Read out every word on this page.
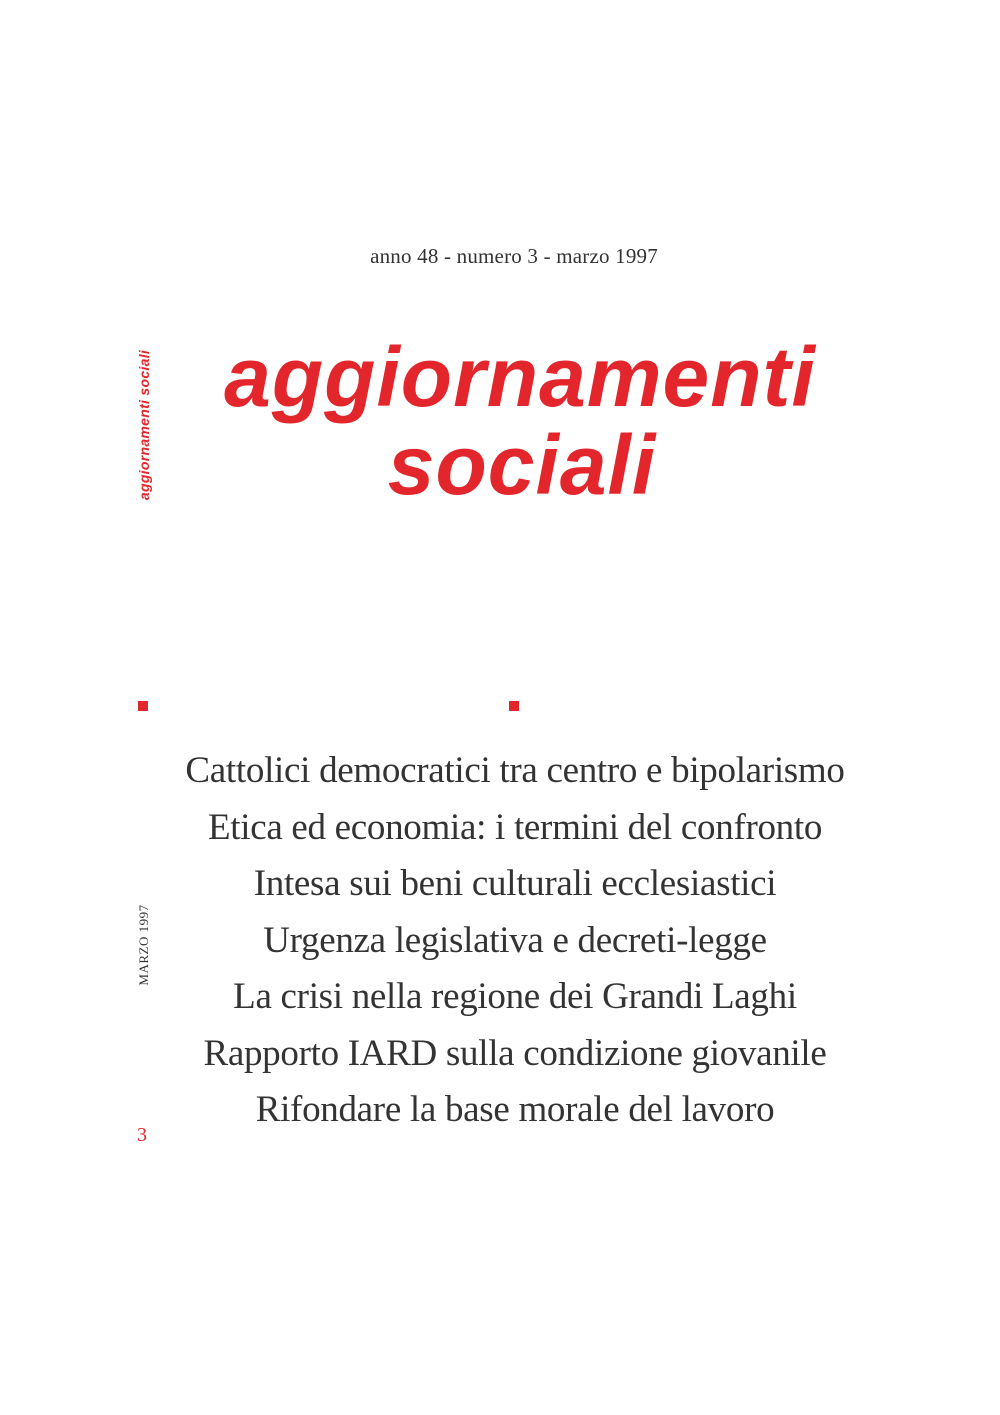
anno 48 - numero 3 - marzo 1997
aggiornamenti
sociali
aggiornamenti sociali
MARZO 1997
3
Cattolici democratici tra centro e bipolarismo
Etica ed economia: i termini del confronto
Intesa sui beni culturali ecclesiastici
Urgenza legislativa e decreti-legge
La crisi nella regione dei Grandi Laghi
Rapporto IARD sulla condizione giovanile
Rifondare la base morale del lavoro
